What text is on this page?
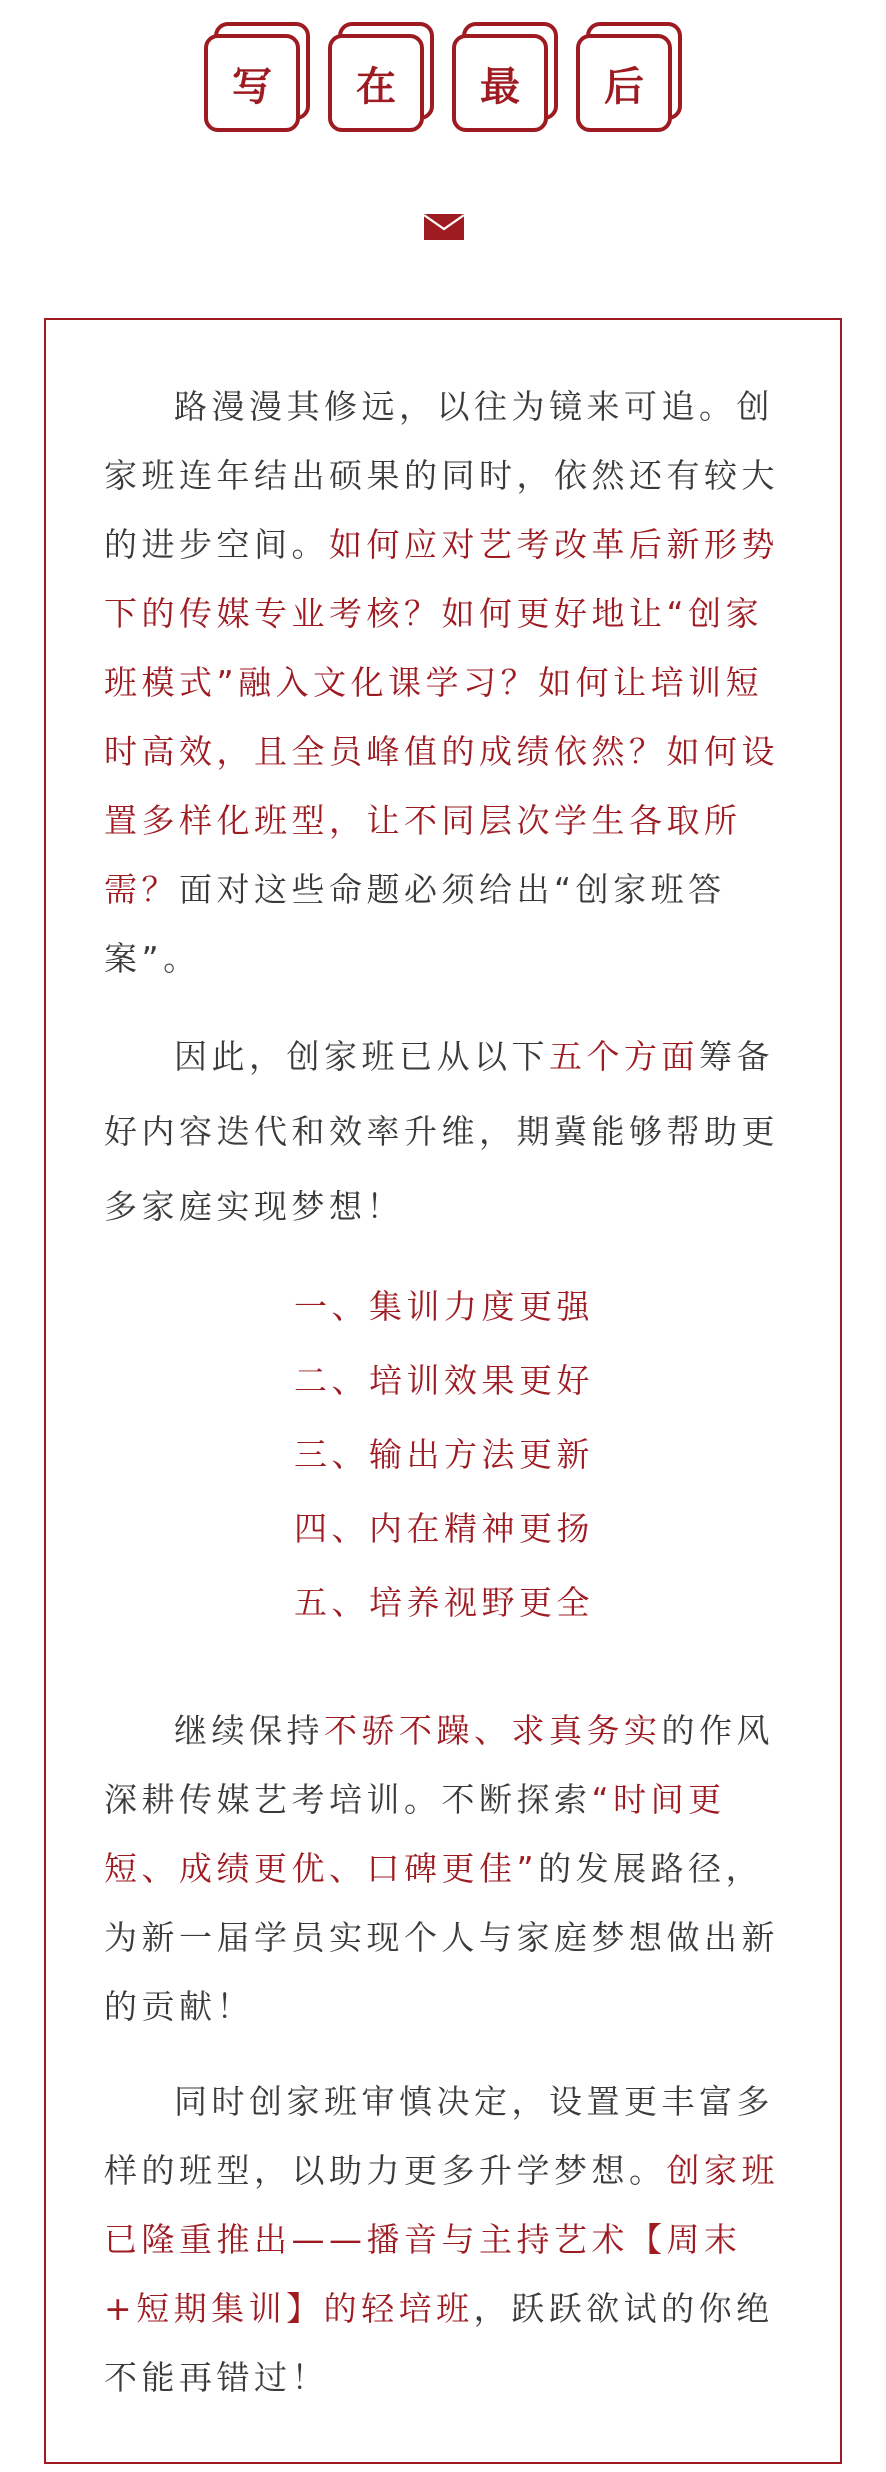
写	在	最	后

路漫漫其修远，以往为镜来可追。创家班连年结出硕果的同时，依然还有较大的进步空间。如何应对艺考改革后新形势下的传媒专业考核？如何更好地让“创家班模式”融入文化课学习？如何让培训短时高效，且全员峰值的成绩依然？如何设置多样化班型，让不同层次学生各取所需？面对这些命题必须给出“创家班答案”。

因此，创家班已从以下五个方面筹备好内容迭代和效率升维，期冀能够帮助更多家庭实现梦想！

一、集训力度更强
二、培训效果更好
三、输出方法更新
四、内在精神更扬
五、培养视野更全

继续保持不骄不躁、求真务实的作风深耕传媒艺考培训。不断探索“时间更短、成绩更优、口碑更佳”的发展路径，为新一届学员实现个人与家庭梦想做出新的贡献！

同时创家班审慎决定，设置更丰富多样的班型，以助力更多升学梦想。创家班已隆重推出——播音与主持艺术【周末+短期集训】的轻培班，跃跃欲试的你绝不能再错过！
